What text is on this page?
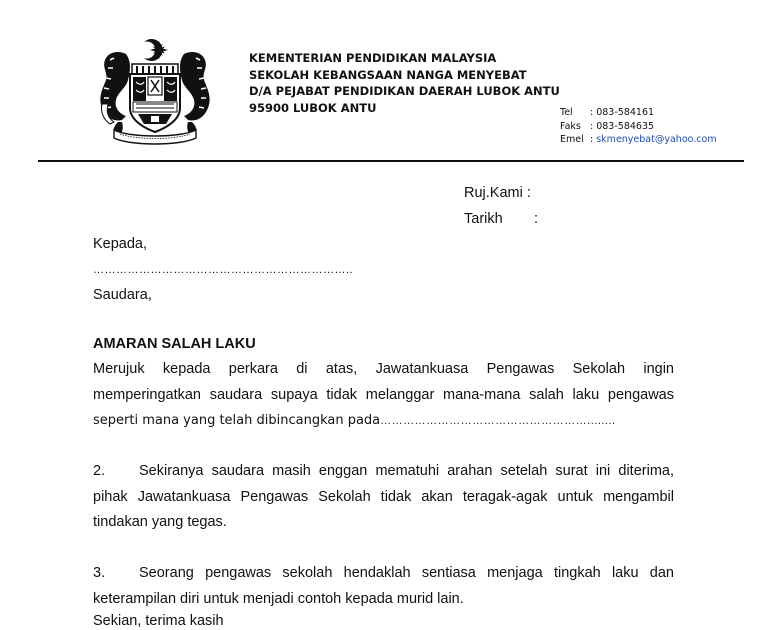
KEMENTERIAN PENDIDIKAN MALAYSIA
SEKOLAH KEBANGSAAN NANGA MENYEBAT
D/A PEJABAT PENDIDIKAN DAERAH LUBOK ANTU
95900 LUBOK ANTU	Tel : 083-584161
Faks : 083-584635
Emel : skmenyebat@yahoo.com
Ruj.Kami :
Tarikh :
Kepada,
…………………………………………………………..
Saudara,
AMARAN SALAH LAKU
Merujuk kepada perkara di atas, Jawatankuasa Pengawas Sekolah ingin
memperingatkan saudara supaya tidak melanggar mana-mana salah laku pengawas
seperti mana yang telah dibincangkan pada………………………………………………........
2. Sekiranya saudara masih enggan mematuhi arahan setelah surat ini diterima,
pihak Jawatankuasa Pengawas Sekolah tidak akan teragak-agak untuk mengambil
tindakan yang tegas.
3. Seorang pengawas sekolah hendaklah sentiasa menjaga tingkah laku dan
keterampilan diri untuk menjadi contoh kepada murid lain.
Sekian, terima kasih
